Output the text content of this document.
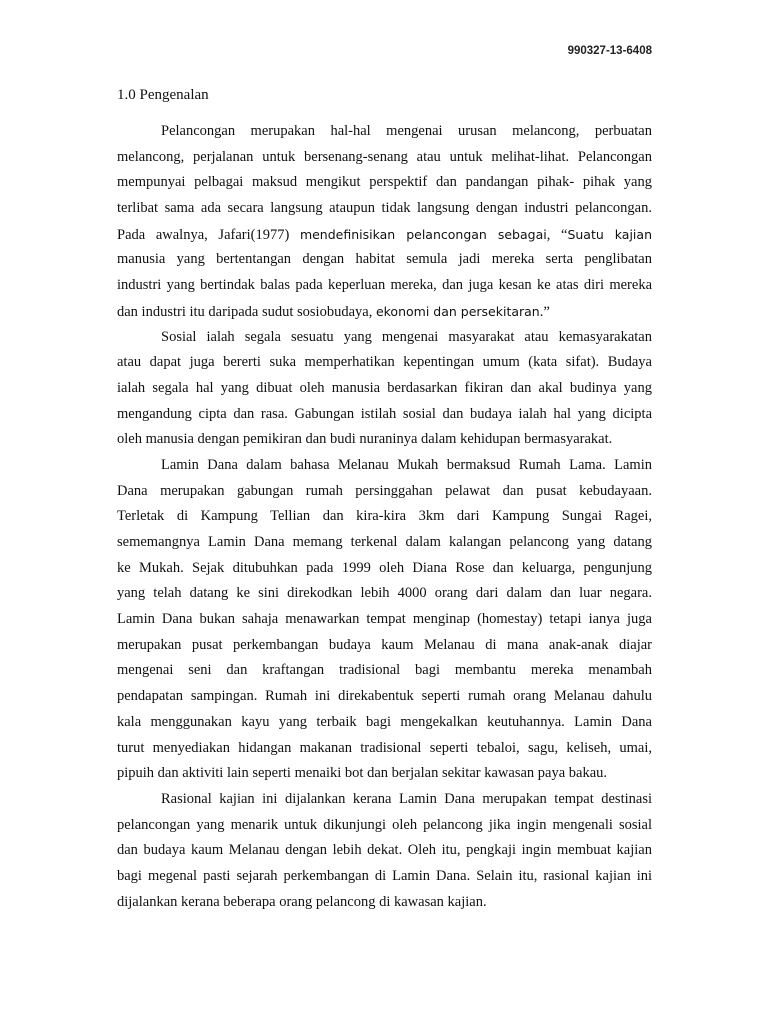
990327-13-6408
1.0 Pengenalan
Pelancongan merupakan hal-hal mengenai urusan melancong, perbuatan
melancong, perjalanan untuk bersenang-senang atau untuk melihat-lihat. Pelancongan
mempunyai pelbagai maksud mengikut perspektif dan pandangan pihak- pihak yang
terlibat sama ada secara langsung ataupun tidak langsung dengan industri pelancongan.
Pada awalnya, Jafari(1977) mendefinisikan pelancongan sebagai, “Suatu kajian
manusia yang bertentangan dengan habitat semula jadi mereka serta penglibatan
industri yang bertindak balas pada keperluan mereka, dan juga kesan ke atas diri mereka
dan industri itu daripada sudut sosiobudaya, ekonomi dan persekitaran.”
Sosial ialah segala sesuatu yang mengenai masyarakat atau kemasyarakatan
atau dapat juga bererti suka memperhatikan kepentingan umum (kata sifat). Budaya
ialah segala hal yang dibuat oleh manusia berdasarkan fikiran dan akal budinya yang
mengandung cipta dan rasa. Gabungan istilah sosial dan budaya ialah hal yang dicipta
oleh manusia dengan pemikiran dan budi nuraninya dalam kehidupan bermasyarakat.
Lamin Dana dalam bahasa Melanau Mukah bermaksud Rumah Lama. Lamin
Dana merupakan gabungan rumah persinggahan pelawat dan pusat kebudayaan.
Terletak di Kampung Tellian dan kira-kira 3km dari Kampung Sungai Ragei,
sememangnya Lamin Dana memang terkenal dalam kalangan pelancong yang datang
ke Mukah. Sejak ditubuhkan pada 1999 oleh Diana Rose dan keluarga, pengunjung
yang telah datang ke sini direkodkan lebih 4000 orang dari dalam dan luar negara.
Lamin Dana bukan sahaja menawarkan tempat menginap (homestay) tetapi ianya juga
merupakan pusat perkembangan budaya kaum Melanau di mana anak-anak diajar
mengenai seni dan kraftangan tradisional bagi membantu mereka menambah
pendapatan sampingan. Rumah ini direkabentuk seperti rumah orang Melanau dahulu
kala menggunakan kayu yang terbaik bagi mengekalkan keutuhannya. Lamin Dana
turut menyediakan hidangan makanan tradisional seperti tebaloi, sagu, keliseh, umai,
pipuih dan aktiviti lain seperti menaiki bot dan berjalan sekitar kawasan paya bakau.
Rasional kajian ini dijalankan kerana Lamin Dana merupakan tempat destinasi
pelancongan yang menarik untuk dikunjungi oleh pelancong jika ingin mengenali sosial
dan budaya kaum Melanau dengan lebih dekat. Oleh itu, pengkaji ingin membuat kajian
bagi megenal pasti sejarah perkembangan di Lamin Dana. Selain itu, rasional kajian ini
dijalankan kerana beberapa orang pelancong di kawasan kajian.
